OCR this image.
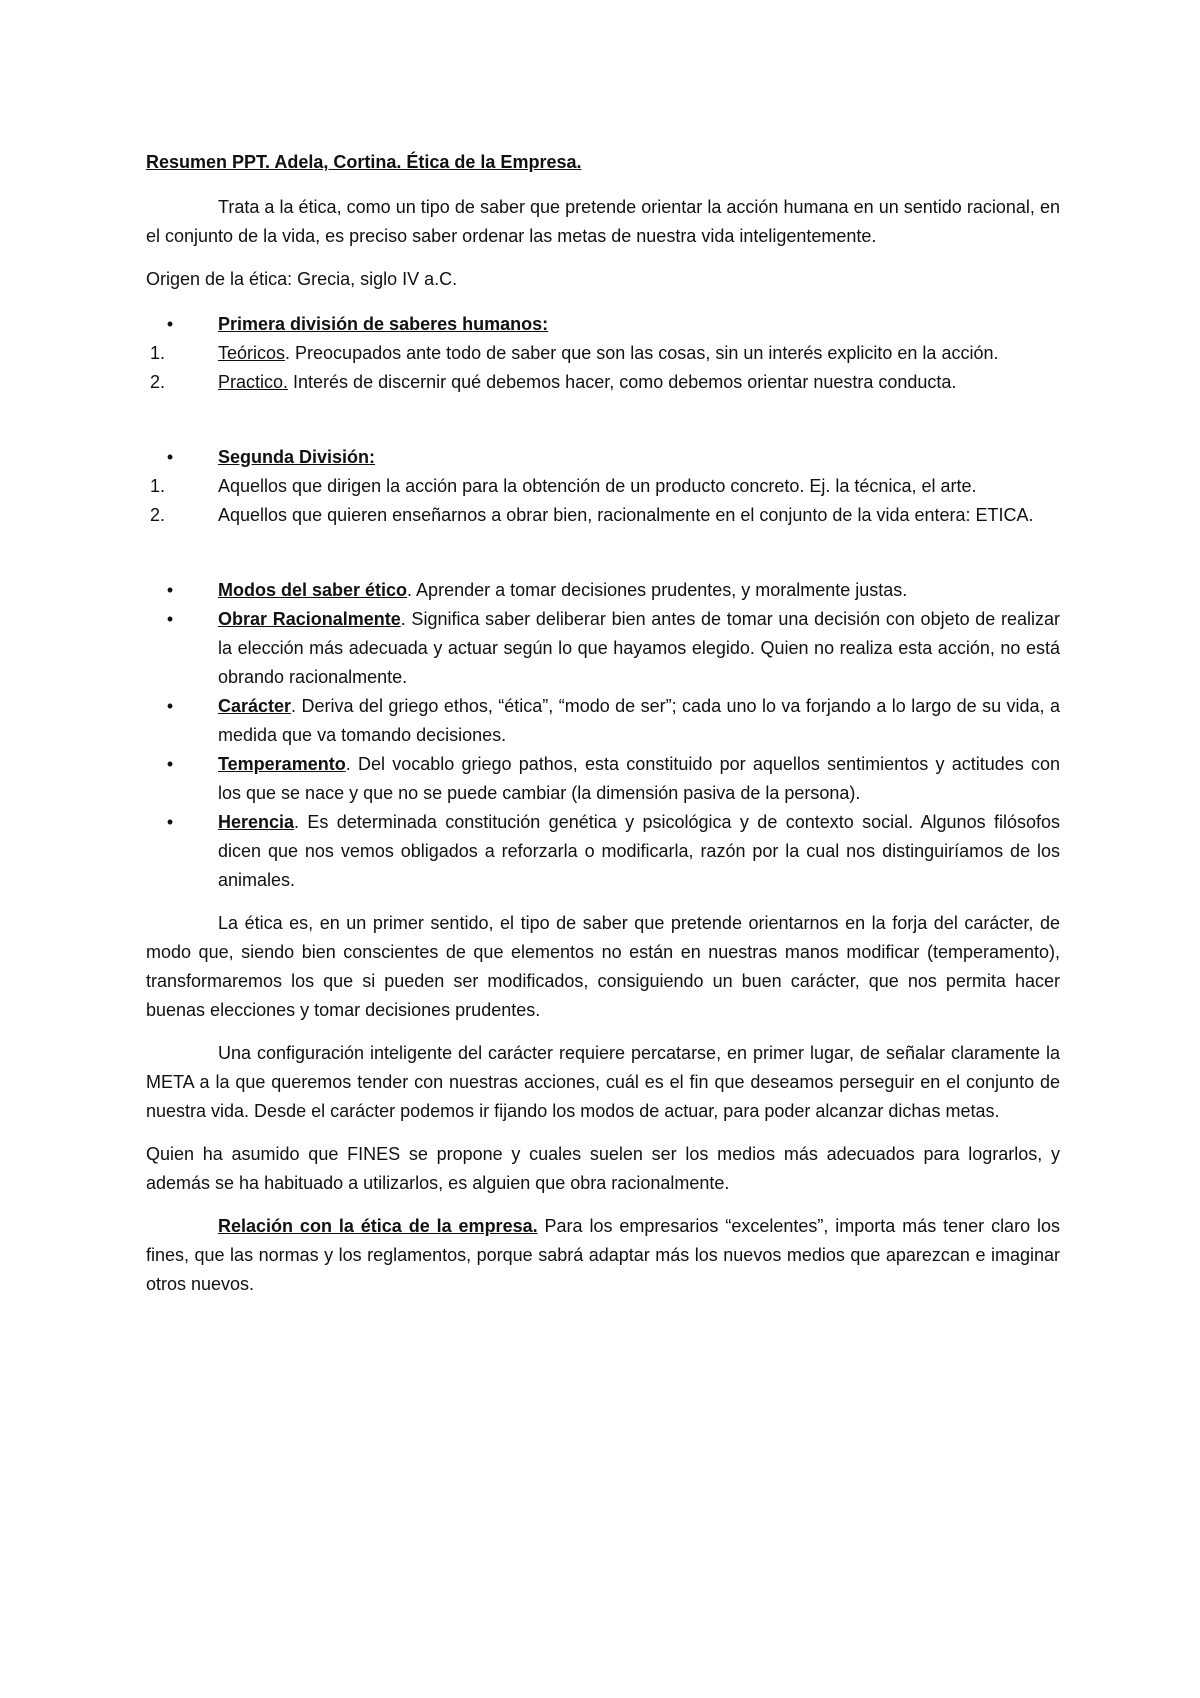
Resumen PPT. Adela, Cortina. Ética de la Empresa.

Trata a la ética, como un tipo de saber que pretende orientar la acción humana en un sentido racional, en el conjunto de la vida, es preciso saber ordenar las metas de nuestra vida inteligentemente.

Origen de la ética: Grecia, siglo IV a.C.

•	Primera división de saberes humanos:
1.	Teóricos. Preocupados ante todo de saber que son las cosas, sin un interés explicito en la acción.
2.	Practico. Interés de discernir qué debemos hacer, como debemos orientar nuestra conducta.
•	Segunda División:
1.	Aquellos que dirigen la acción para la obtención de un producto concreto. Ej. la técnica, el arte.
2.	Aquellos que quieren enseñarnos a obrar bien, racionalmente en el conjunto de la vida entera: ETICA.
•	Modos del saber ético. Aprender a tomar decisiones prudentes, y moralmente justas.
•	Obrar Racionalmente. Significa saber deliberar bien antes de tomar una decisión con objeto de realizar la elección más adecuada y actuar según lo que hayamos elegido. Quien no realiza esta acción, no está obrando racionalmente.
•	Carácter. Deriva del griego ethos, “ética”, “modo de ser”; cada uno lo va forjando a lo largo de su vida, a medida que va tomando decisiones.
•	Temperamento. Del vocablo griego pathos, esta constituido por aquellos sentimientos y actitudes con los que se nace y que no se puede cambiar (la dimensión pasiva de la persona).
•	Herencia. Es determinada constitución genética y psicológica y de contexto social. Algunos filósofos dicen que nos vemos obligados a reforzarla o modificarla, razón por la cual nos distinguiríamos de los animales.

La ética es, en un primer sentido, el tipo de saber que pretende orientarnos en la forja del carácter, de modo que, siendo bien conscientes de que elementos no están en nuestras manos modificar (temperamento), transformaremos los que si pueden ser modificados, consiguiendo un buen carácter, que nos permita hacer buenas elecciones y tomar decisiones prudentes.

Una configuración inteligente del carácter requiere percatarse, en primer lugar, de señalar claramente la META a la que queremos tender con nuestras acciones, cuál es el fin que deseamos perseguir en el conjunto de nuestra vida. Desde el carácter podemos ir fijando los modos de actuar, para poder alcanzar dichas metas.

Quien ha asumido que FINES se propone y cuales suelen ser los medios más adecuados para lograrlos, y además se ha habituado a utilizarlos, es alguien que obra racionalmente.

Relación con la ética de la empresa. Para los empresarios “excelentes”, importa más tener claro los fines, que las normas y los reglamentos, porque sabrá adaptar más los nuevos medios que aparezcan e imaginar otros nuevos.
